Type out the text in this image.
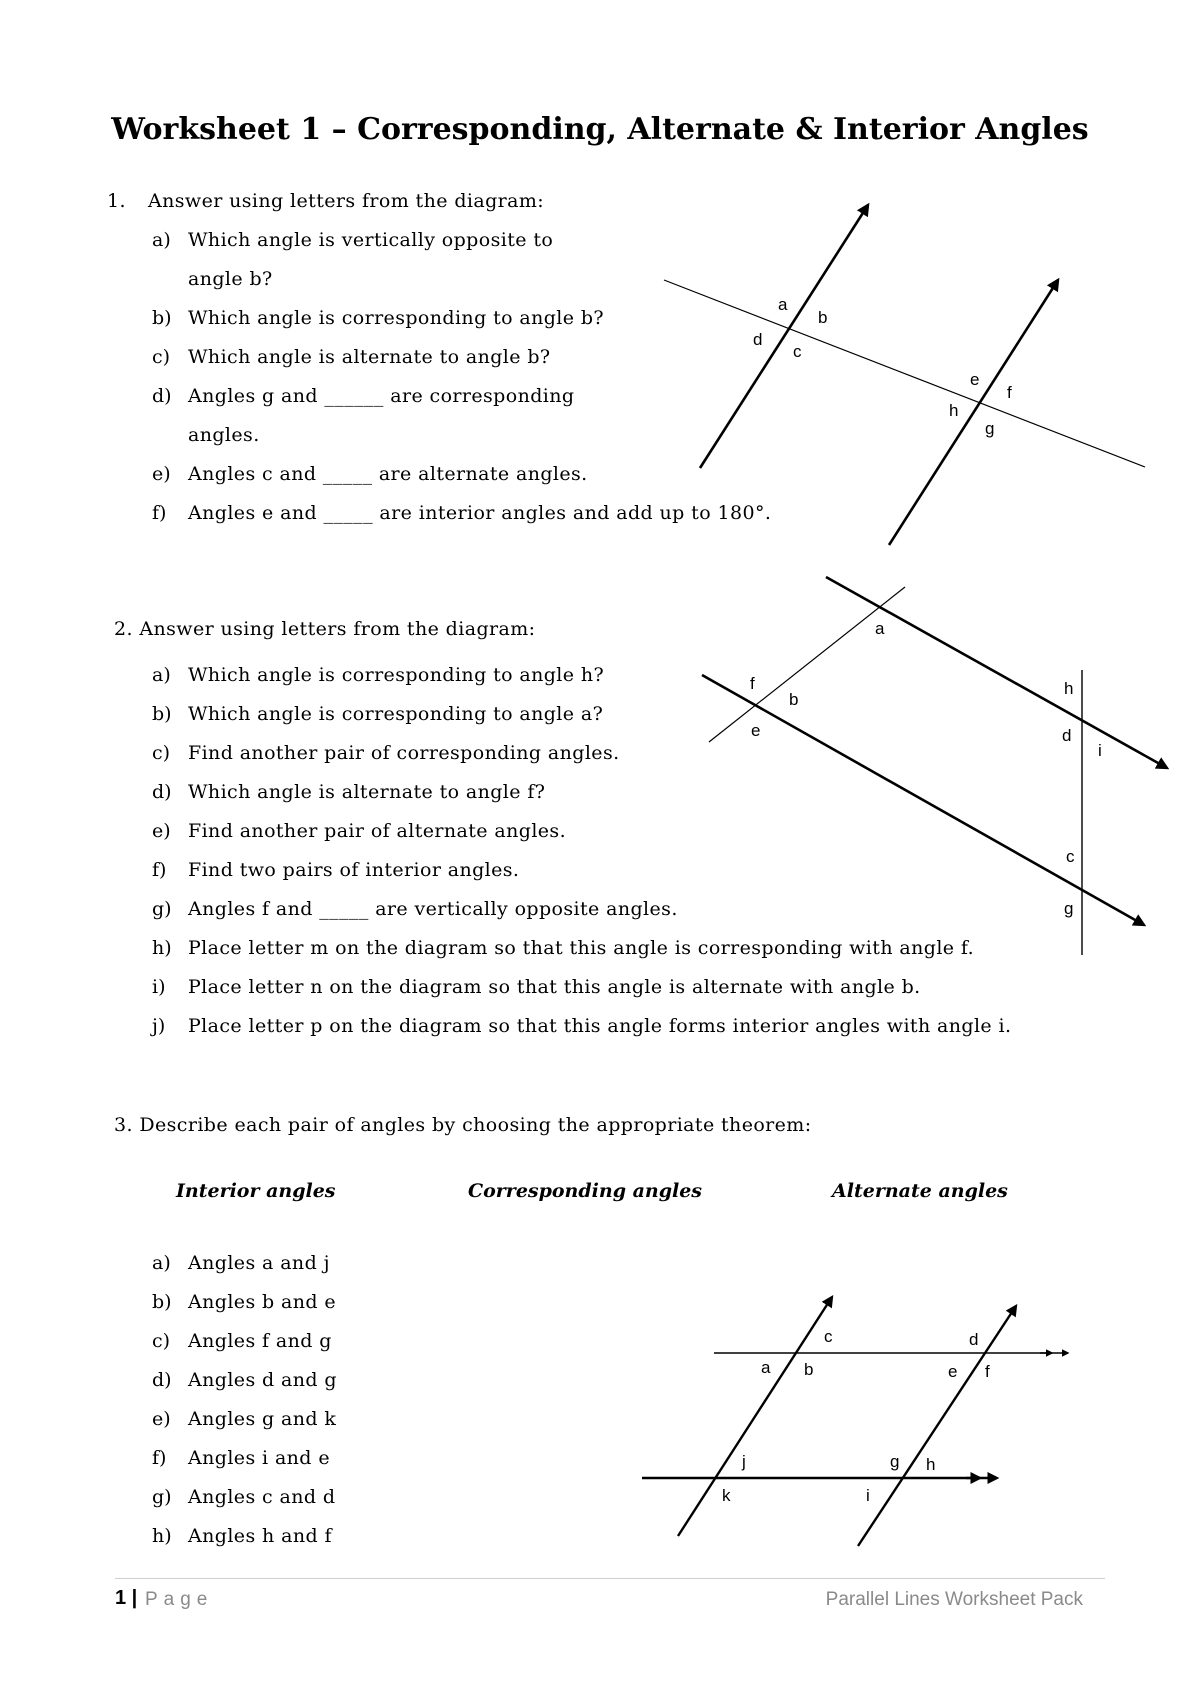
Worksheet 1 – Corresponding, Alternate & Interior Angles
1. Answer using letters from the diagram:
a) Which angle is vertically opposite to
angle b?
b) Which angle is corresponding to angle b?
c) Which angle is alternate to angle b?
d) Angles g and ______ are corresponding
angles.
e) Angles c and _____ are alternate angles.
f) Angles e and _____ are interior angles and add up to 180°.
a
b
d
c
e
f
h
g
a
f
b
e
h
d
i
c
g
c	d
a b	e f
j	g h
k	i
2. Answer using letters from the diagram:
a) Which angle is corresponding to angle h?
b) Which angle is corresponding to angle a?
c) Find another pair of corresponding angles.
d) Which angle is alternate to angle f?
e) Find another pair of alternate angles.
f) Find two pairs of interior angles.
g) Angles f and _____ are vertically opposite angles.
h) Place letter m on the diagram so that this angle is corresponding with angle f.
i) Place letter n on the diagram so that this angle is alternate with angle b.
j) Place letter p on the diagram so that this angle forms interior angles with angle i.
3. Describe each pair of angles by choosing the appropriate theorem:
Interior angles	Corresponding angles	Alternate angles
a) Angles a and j
b) Angles b and e
c) Angles f and g
d) Angles d and g
e) Angles g and k
f) Angles i and e
g) Angles c and d
h) Angles h and f
1 | Page	Parallel Lines Worksheet Pack
